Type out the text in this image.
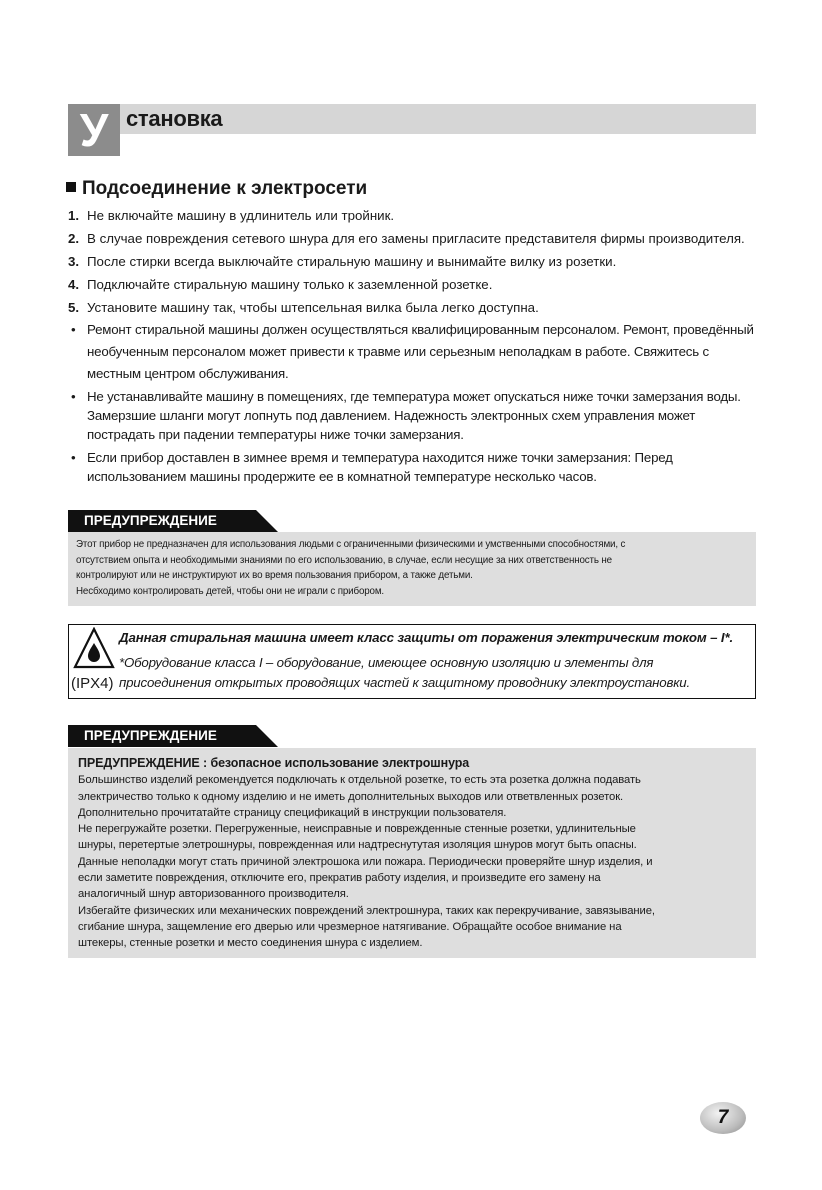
У становка
Подсоединение к электросети
1. Не включайте машину в удлинитель или тройник.
2. В случае повреждения сетевого шнура для его замены пригласите представителя фирмы производителя.
3. После стирки всегда выключайте стиральную машину и вынимайте вилку из розетки.
4. Подключайте стиральную машину только к заземленной розетке.
5. Установите машину так, чтобы штепсельная вилка была легко доступна.
• Ремонт стиральной машины должен осуществляться квалифицированным персоналом. Ремонт, проведённый необученным персоналом может привести к травме или серьезным неполадкам в работе. Свяжитесь с местным центром обслуживания.
• Не устанавливайте машину в помещениях, где температура может опускаться ниже точки замерзания воды. Замерзшие шланги могут лопнуть под давлением. Надежность электронных схем управления может пострадать при падении температуры ниже точки замерзания.
• Если прибор доставлен в зимнее время и температура находится ниже точки замерзания: Перед использованием машины продержите ее в комнатной температуре несколько часов.
ПРЕДУПРЕЖДЕНИЕ
Этот прибор не предназначен для использования людьми с ограниченными физическими и умственными способностями, с
отсутствием опыта и необходимыми знаниями по его использованию, в случае, если несущие за них ответственность не
контролируют или не инструктируют их во время пользования прибором, а также детьми.
Несбходимо контролировать детей, чтобы они не играли с прибором.
(IPX4)
Данная стиральная машина имеет класс защиты от поражения электрическим током – I*.
*Оборудование класса I – оборудование, имеющее основную изоляцию и элементы для
присоединения открытых проводящих частей к защитному проводнику электроустановки.
ПРЕДУПРЕЖДЕНИЕ
ПРЕДУПРЕЖДЕНИЕ : безопасное использование электрошнура
Большинство изделий рекомендуется подключать к отдельной розетке, то есть эта розетка должна подавать
электричество только к одному изделию и не иметь дополнительных выходов или ответвленных розеток.
Дополнительно прочитатайте страницу спецификаций в инструкции пользователя.
Не перегружайте розетки. Перегруженные, неисправные и поврежденные стенные розетки, удлинительные
шнуры, перетертые элетрошнуры, поврежденная или надтреснутутая изоляция шнуров могут быть опасны.
Данные неполадки могут стать причиной электрошока или пожара. Периодически проверяйте шнур изделия, и
если заметите повреждения, отключите его, прекратив работу изделия, и произведите его замену на
аналогичный шнур авторизованного производителя.
Избегайте физических или механических повреждений электрошнура, таких как перекручивание, завязывание,
сгибание шнура, защемление его дверью или чрезмерное натягивание. Обращайте особое внимание на
штекеры, стенные розетки и место соединения шнура с изделием.
7
